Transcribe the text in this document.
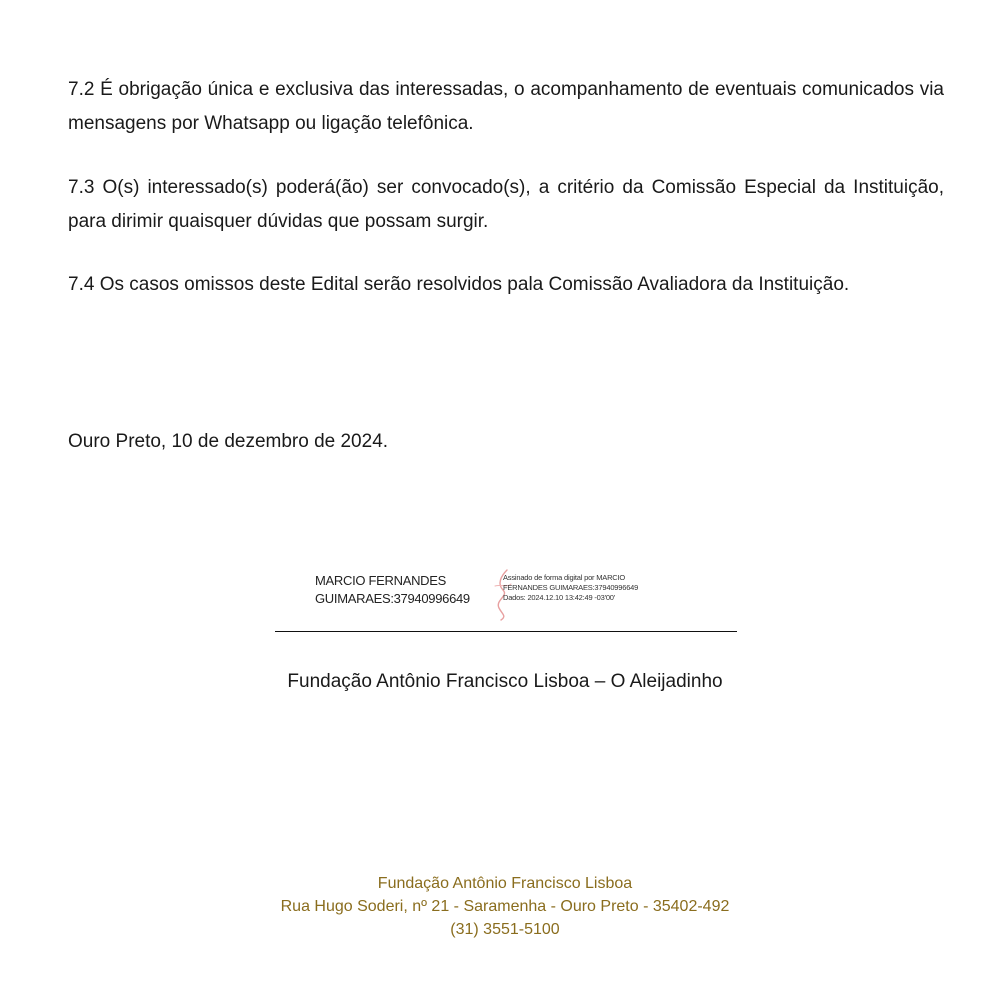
7.2 É obrigação única e exclusiva das interessadas, o acompanhamento de eventuais comunicados via mensagens por Whatsapp ou ligação telefônica.

7.3 O(s) interessado(s) poderá(ão) ser convocado(s), a critério da Comissão Especial da Instituição, para dirimir quaisquer dúvidas que possam surgir.

7.4 Os casos omissos deste Edital serão resolvidos pala Comissão Avaliadora da Instituição.

Ouro Preto, 10 de dezembro de 2024.

MARCIO FERNANDES
GUIMARAES:37940996649
Assinado de forma digital por MARCIO
FERNANDES GUIMARAES:37940996649
Dados: 2024.12.10 13:42:49 -03'00'

Fundação Antônio Francisco Lisboa – O Aleijadinho

Fundação Antônio Francisco Lisboa
Rua Hugo Soderi, nº 21 - Saramenha - Ouro Preto - 35402-492
(31) 3551-5100
